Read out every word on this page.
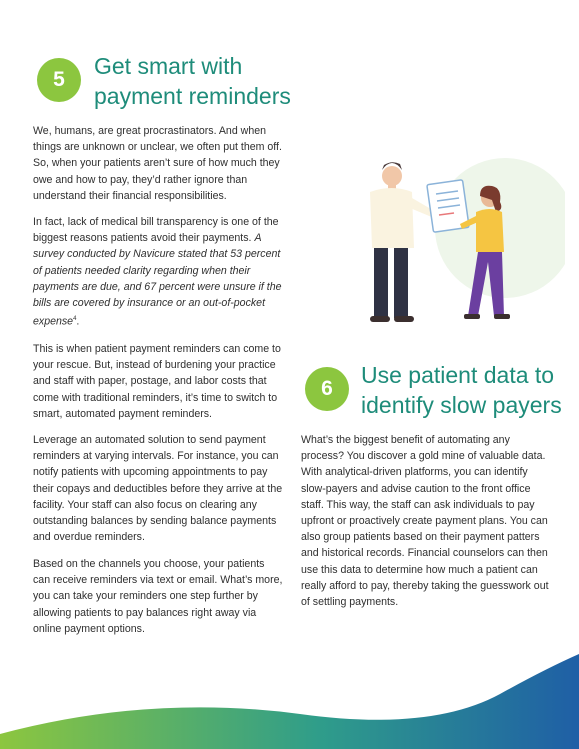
5
Get smart with
payment reminders

We, humans, are great procrastinators. And when things are unknown or unclear, we often put them off. So, when your patients aren’t sure of how much they owe and how to pay, they’d rather ignore than understand their financial responsibilities.

In fact, lack of medical bill transparency is one of the biggest reasons patients avoid their payments. A survey conducted by Navicure stated that 53 percent of patients needed clarity regarding when their payments are due, and 67 percent were unsure if the bills are covered by insurance or an out-of-pocket expense$^4$.

This is when patient payment reminders can come to your rescue. But, instead of burdening your practice and staff with paper, postage, and labor costs that come with traditional reminders, it’s time to switch to smart, automated payment reminders.

Leverage an automated solution to send payment reminders at varying intervals. For instance, you can notify patients with upcoming appointments to pay their copays and deductibles before they arrive at the facility. Your staff can also focus on clearing any outstanding balances by sending balance payments and overdue reminders.

Based on the channels you choose, your patients can receive reminders via text or email. What’s more, you can take your reminders one step further by allowing patients to pay balances right away via online payment options.

6
Use patient data to
identify slow payers

What’s the biggest benefit of automating any process? You discover a gold mine of valuable data. With analytical-driven platforms, you can identify slow-payers and advise caution to the front office staff. This way, the staff can ask individuals to pay upfront or proactively create payment plans. You can also group patients based on their payment patters and historical records. Financial counselors can then use this data to determine how much a patient can really afford to pay, thereby taking the guesswork out of settling payments.
